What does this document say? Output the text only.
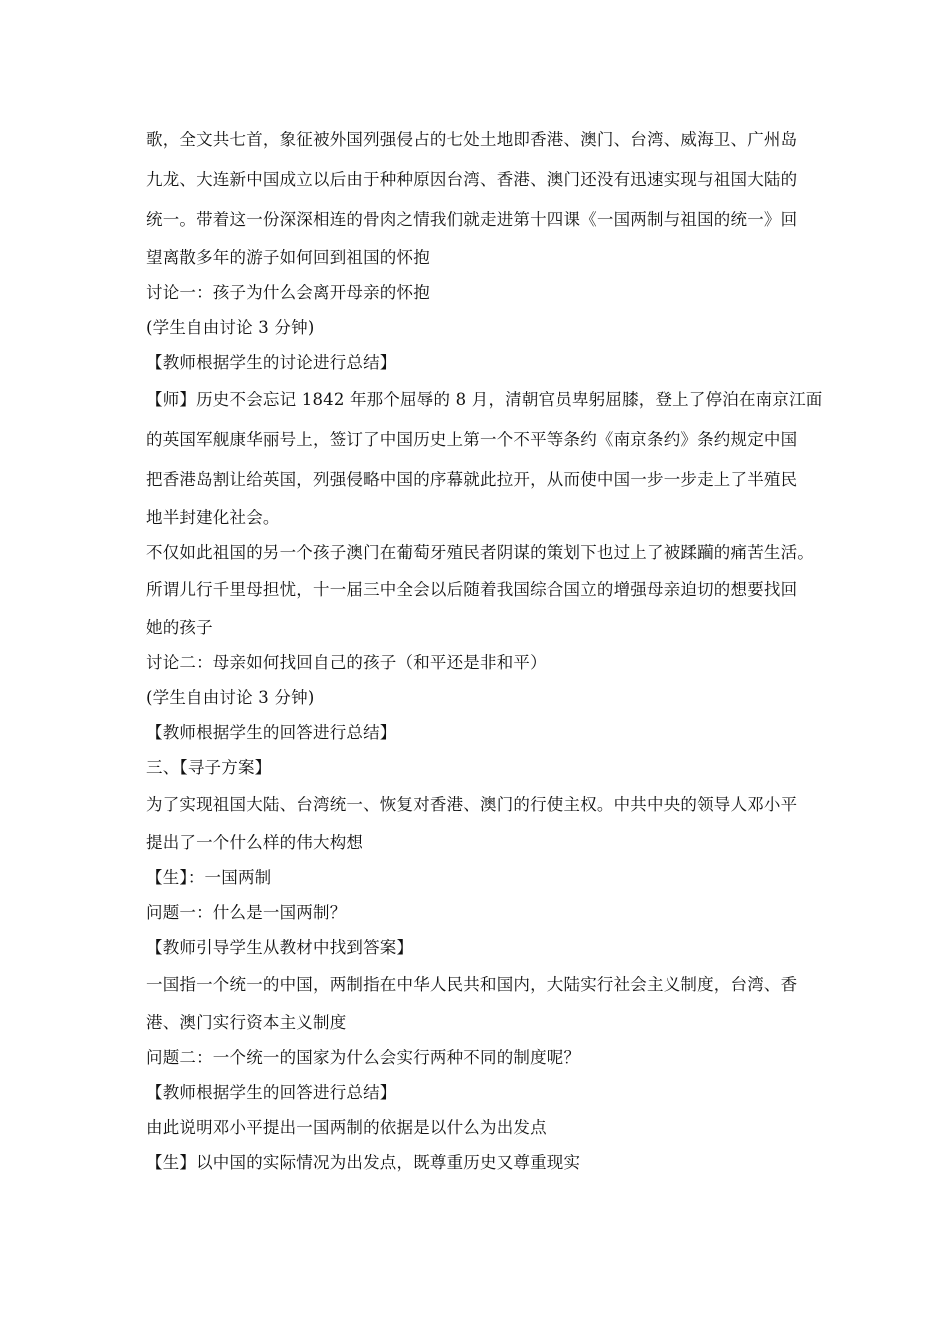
歌，全文共七首，象征被外国列强侵占的七处土地即香港、澳门、台湾、威海卫、广州岛
九龙、大连新中国成立以后由于种种原因台湾、香港、澳门还没有迅速实现与祖国大陆的
统一。带着这一份深深相连的骨肉之情我们就走进第十四课《一国两制与祖国的统一》回
望离散多年的游子如何回到祖国的怀抱
讨论一：孩子为什么会离开母亲的怀抱
(学生自由讨论 3 分钟)
【教师根据学生的讨论进行总结】
【师】历史不会忘记 1842 年那个屈辱的 8 月，清朝官员卑躬屈膝，登上了停泊在南京江面
的英国军舰康华丽号上，签订了中国历史上第一个不平等条约《南京条约》条约规定中国
把香港岛割让给英国，列强侵略中国的序幕就此拉开，从而使中国一步一步走上了半殖民
地半封建化社会。
不仅如此祖国的另一个孩子澳门在葡萄牙殖民者阴谋的策划下也过上了被蹂躏的痛苦生活。
所谓儿行千里母担忧，十一届三中全会以后随着我国综合国立的增强母亲迫切的想要找回
她的孩子
讨论二：母亲如何找回自己的孩子（和平还是非和平）
(学生自由讨论 3 分钟)
【教师根据学生的回答进行总结】
三、【寻子方案】
为了实现祖国大陆、台湾统一、恢复对香港、澳门的行使主权。中共中央的领导人邓小平
提出了一个什么样的伟大构想
【生】：一国两制
问题一：什么是一国两制？
【教师引导学生从教材中找到答案】
一国指一个统一的中国，两制指在中华人民共和国内，大陆实行社会主义制度，台湾、香
港、澳门实行资本主义制度
问题二：一个统一的国家为什么会实行两种不同的制度呢？
【教师根据学生的回答进行总结】
由此说明邓小平提出一国两制的依据是以什么为出发点
【生】以中国的实际情况为出发点，既尊重历史又尊重现实
